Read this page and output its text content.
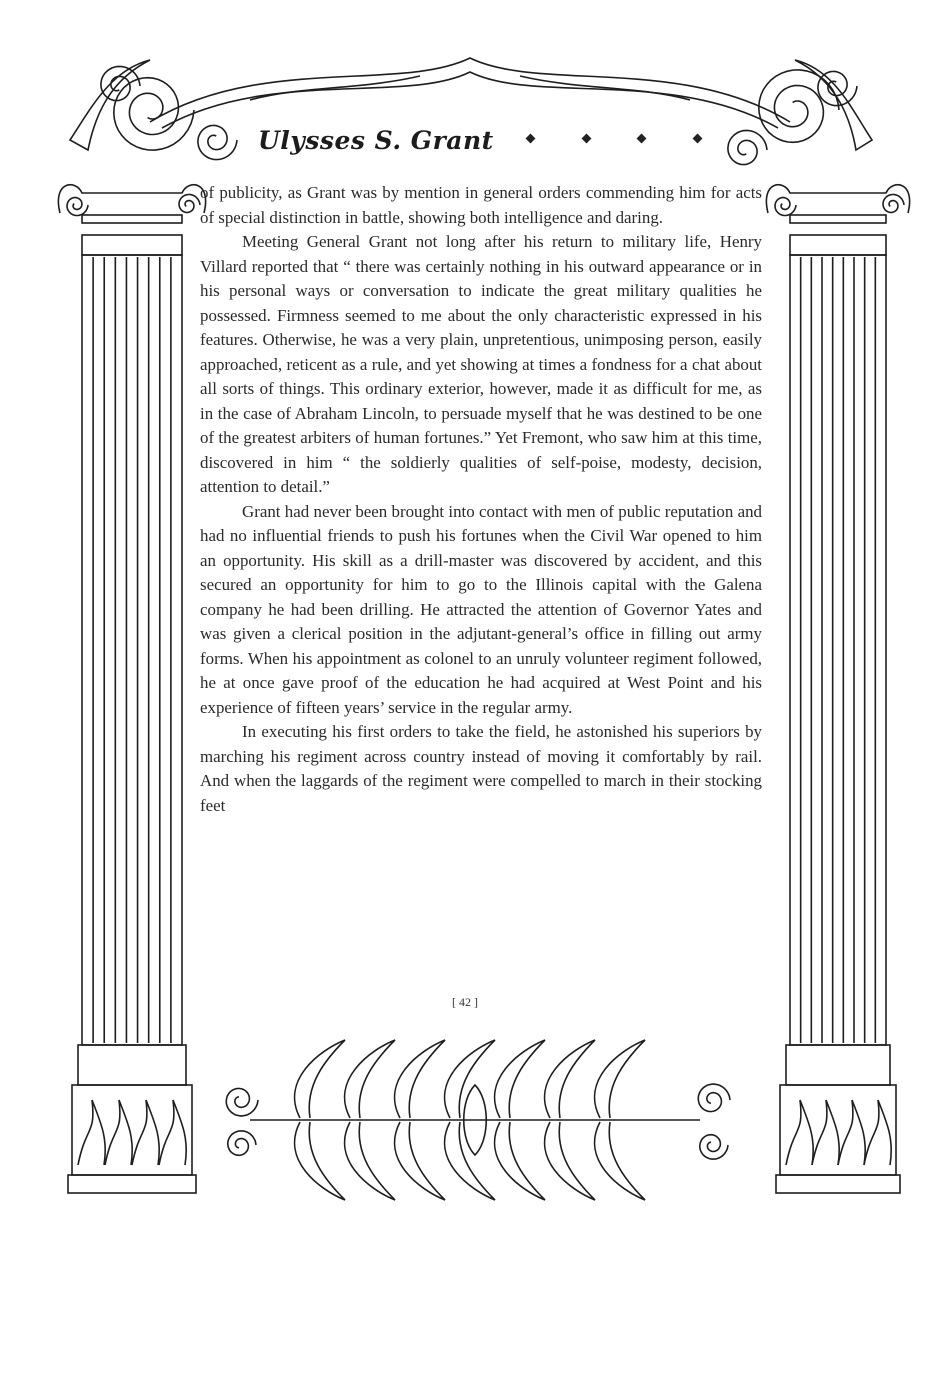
Ulysses S. Grant

of publicity, as Grant was by mention in general orders commending him for acts of special distinction in battle, showing both intelligence and daring.

Meeting General Grant not long after his return to military life, Henry Villard reported that “ there was certainly nothing in his outward appearance or in his personal ways or conversation to indicate the great military qualities he possessed. Firmness seemed to me about the only characteristic expressed in his features. Otherwise, he was a very plain, unpretentious, unimposing person, easily approached, reticent as a rule, and yet showing at times a fondness for a chat about all sorts of things. This ordinary exterior, however, made it as difficult for me, as in the case of Abraham Lincoln, to persuade myself that he was destined to be one of the greatest arbiters of human fortunes.” Yet Fremont, who saw him at this time, discovered in him “ the soldierly qualities of self-poise, modesty, decision, attention to detail.”

Grant had never been brought into contact with men of public reputation and had no influential friends to push his fortunes when the Civil War opened to him an opportunity. His skill as a drill-master was discovered by accident, and this secured an opportunity for him to go to the Illinois capital with the Galena company he had been drilling. He attracted the attention of Governor Yates and was given a clerical position in the adjutant-general’s office in filling out army forms. When his appointment as colonel to an unruly volunteer regiment followed, he at once gave proof of the education he had acquired at West Point and his experience of fifteen years’ service in the regular army.

In executing his first orders to take the field, he astonished his superiors by marching his regiment across country instead of moving it comfortably by rail. And when the laggards of the regiment were compelled to march in their stocking feet

[ 42 ]
